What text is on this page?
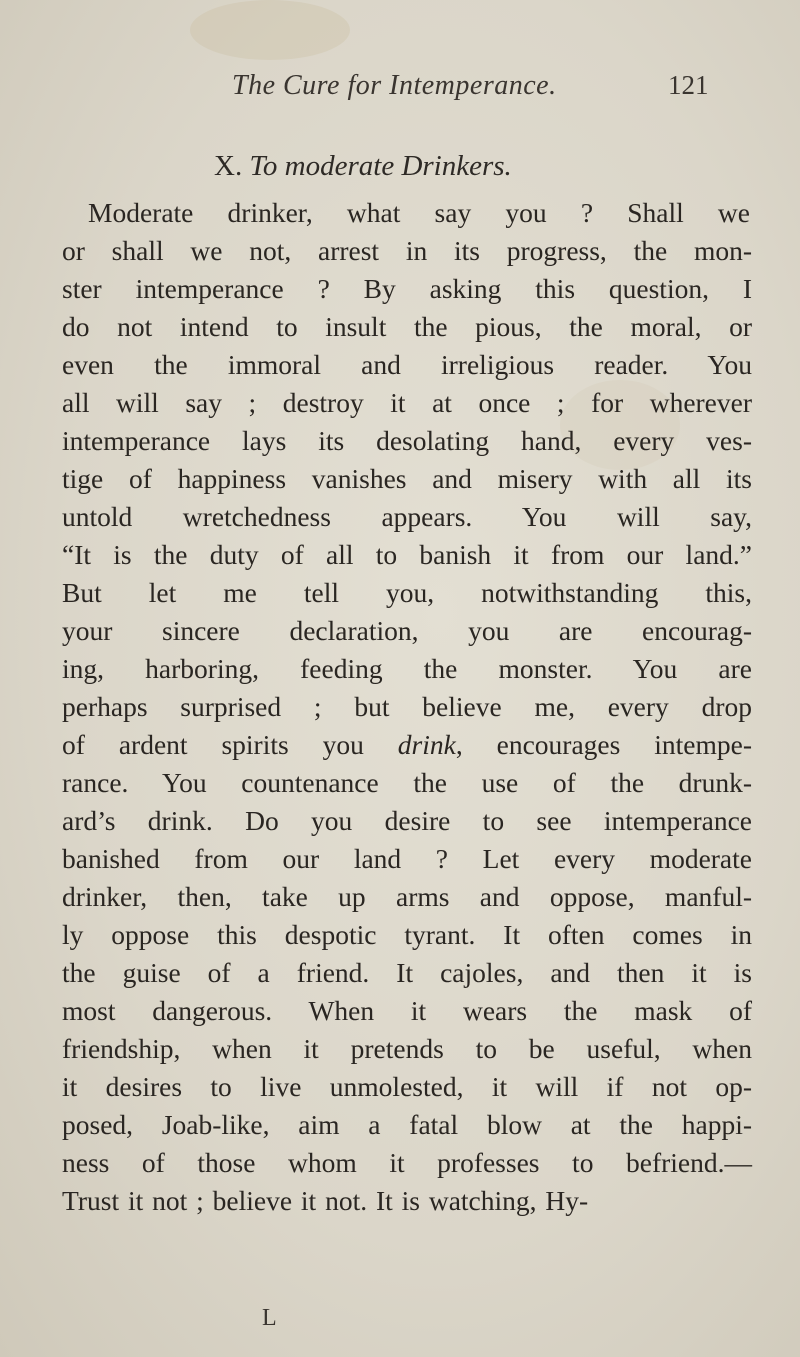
The Cure for Intemperance.	121
X. To moderate Drinkers.
Moderate drinker, what say you ? Shall we
or shall we not, arrest in its progress, the mon-
ster intemperance ? By asking this question, I
do not intend to insult the pious, the moral, or
even the immoral and irreligious reader. You
all will say ; destroy it at once ; for wherever
intemperance lays its desolating hand, every ves-
tige of happiness vanishes and misery with all its
untold wretchedness appears. You will say,
“It is the duty of all to banish it from our land.”
But let me tell you, notwithstanding this,
your sincere declaration, you are encourag-
ing, harboring, feeding the monster. You are
perhaps surprised ; but believe me, every drop
of ardent spirits you drink, encourages intempe-
rance. You countenance the use of the drunk-
ard’s drink. Do you desire to see intemperance
banished from our land ? Let every moderate
drinker, then, take up arms and oppose, manful-
ly oppose this despotic tyrant. It often comes in
the guise of a friend. It cajoles, and then it is
most dangerous. When it wears the mask of
friendship, when it pretends to be useful, when
it desires to live unmolested, it will if not op-
posed, Joab-like, aim a fatal blow at the happi-
ness of those whom it professes to befriend.—
Trust it not ; believe it not. It is watching, Hy-
L
